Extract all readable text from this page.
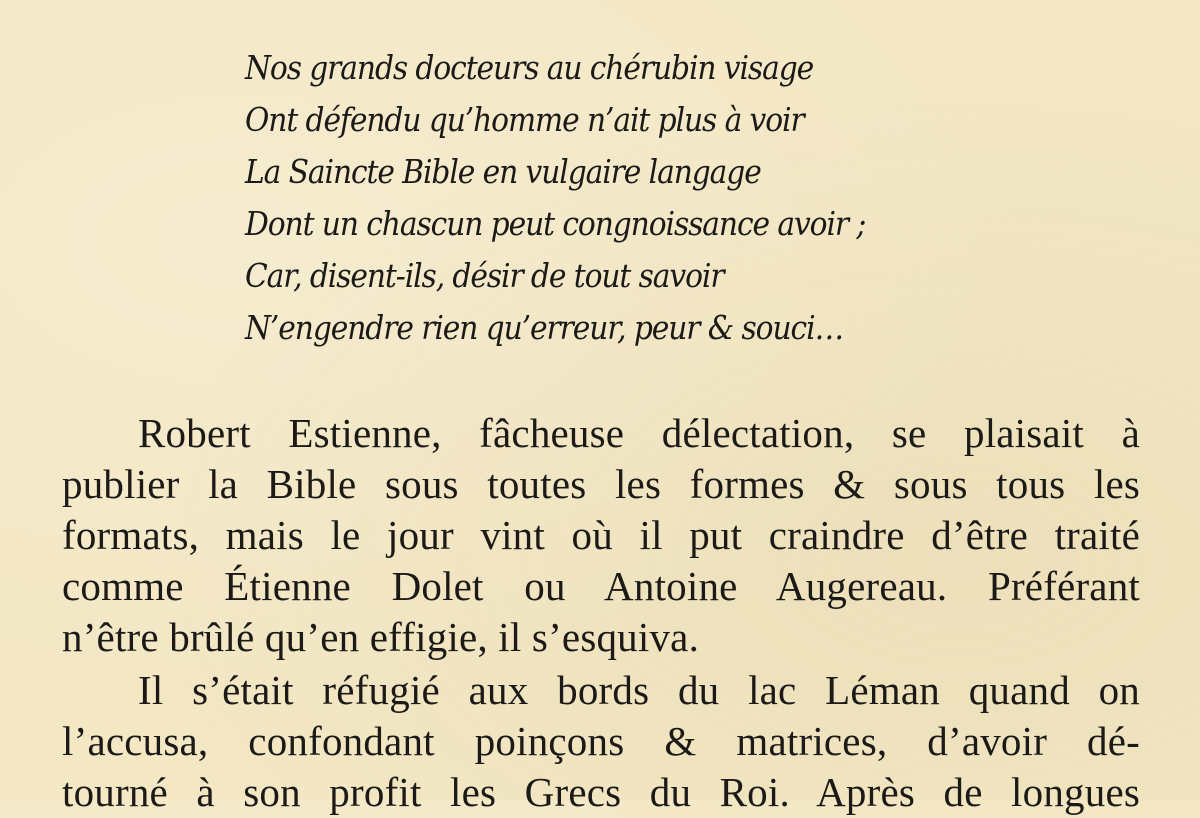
Nos grands docteurs au chérubin visage
Ont défendu qu’homme n’ait plus à voir
La Saincte Bible en vulgaire langage
Dont un chascun peut congnoissance avoir ;
Car, disent-ils, désir de tout savoir
N’engendre rien qu’erreur, peur & souci…
Robert Estienne, fâcheuse délectation, se plaisait à
publier la Bible sous toutes les formes & sous tous les
formats, mais le jour vint où il put craindre d’être traité
comme Étienne Dolet ou Antoine Augereau. Préférant
n’être brûlé qu’en effigie, il s’esquiva.
Il s’était réfugié aux bords du lac Léman quand on
l’accusa, confondant poinçons & matrices, d’avoir dé-
tourné à son profit les Grecs du Roi. Après de longues
